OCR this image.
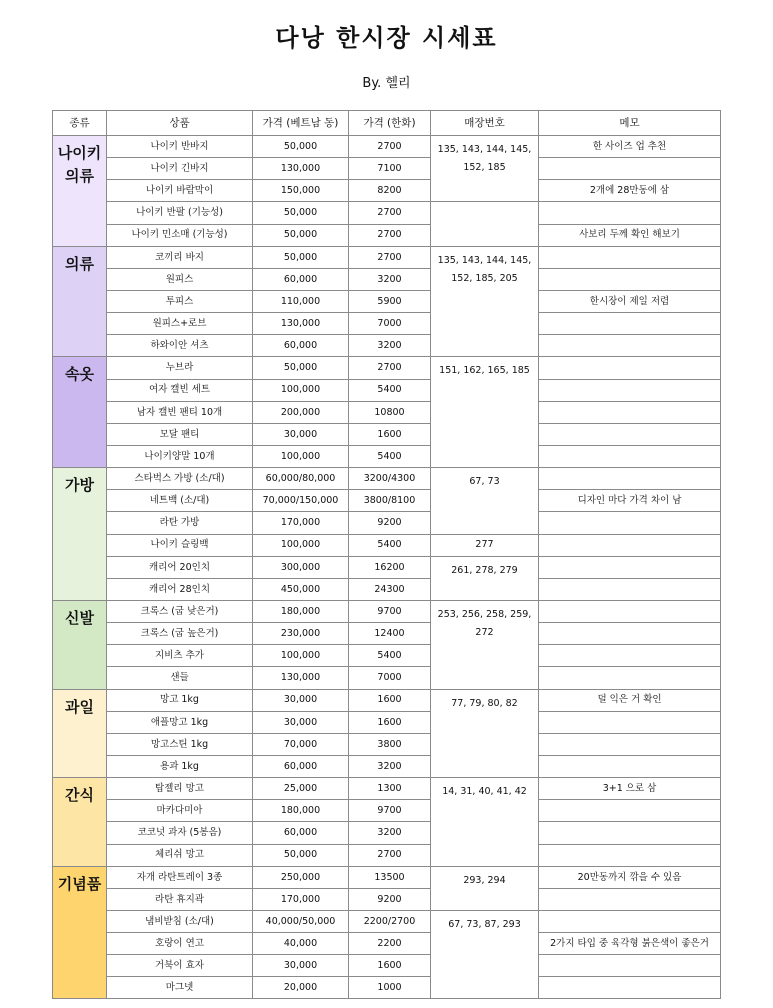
다낭 한시장 시세표
By. 헬리
종류	상품	가격 (베트남 동)	가격 (한화)	매장번호	메모
나이키 의류	나이키 반바지	50,000	2700	135, 143, 144, 145, 152, 185	한 사이즈 업 추천
	나이키 긴바지	130,000	7100		
	나이키 바람막이	150,000	8200		2개에 28만동에 삼
	나이키 반팔 (기능성)	50,000	2700		
	나이키 민소매 (기능성)	50,000	2700		사보리 두께 확인 해보기
의류	코끼리 바지	50,000	2700	135, 143, 144, 145, 152, 185, 205	
	원피스	60,000	3200		
	투피스	110,000	5900		한시장이 제일 저렴
	원피스+로브	130,000	7000		
	하와이안 셔츠	60,000	3200		
속옷	누브라	50,000	2700	151, 162, 165, 185	
	여자 캘빈 세트	100,000	5400		
	남자 캘빈 팬티 10개	200,000	10800		
	모달 팬티	30,000	1600		
	나이키양말 10개	100,000	5400		
가방	스타벅스 가방 (소/대)	60,000/80,000	3200/4300	67, 73	
	네트백 (소/대)	70,000/150,000	3800/8100		디자인 마다 가격 차이 남
	라탄 가방	170,000	9200		
	나이키 슬링백	100,000	5400	277	
	캐리어 20인치	300,000	16200	261, 278, 279	
	캐리어 28인치	450,000	24300		
신발	크록스 (굽 낮은거)	180,000	9700	253, 256, 258, 259, 272	
	크록스 (굽 높은거)	230,000	12400		
	지비츠 추가	100,000	5400		
	샌들	130,000	7000		
과일	망고 1kg	30,000	1600	77, 79, 80, 82	덜 익은 거 확인
	애플망고 1kg	30,000	1600		
	망고스틴 1kg	70,000	3800		
	용과 1kg	60,000	3200		
간식	탑젤리 망고	25,000	1300	14, 31, 40, 41, 42	3+1 으로 삼
	마카다미아	180,000	9700		
	코코넛 과자 (5봉음)	60,000	3200		
	체리쉬 망고	50,000	2700		
기념품	자개 라탄트레이 3종	250,000	13500	293, 294	20만동까지 깎을 수 있음
	라탄 휴지곽	170,000	9200		
	냄비받침 (소/대)	40,000/50,000	2200/2700	67, 73, 87, 293	
	호랑이 연고	40,000	2200		2가지 타입 중 육각형 붉은색이 좋은거
	거북이 효자	30,000	1600		
	마그넷	20,000	1000		
